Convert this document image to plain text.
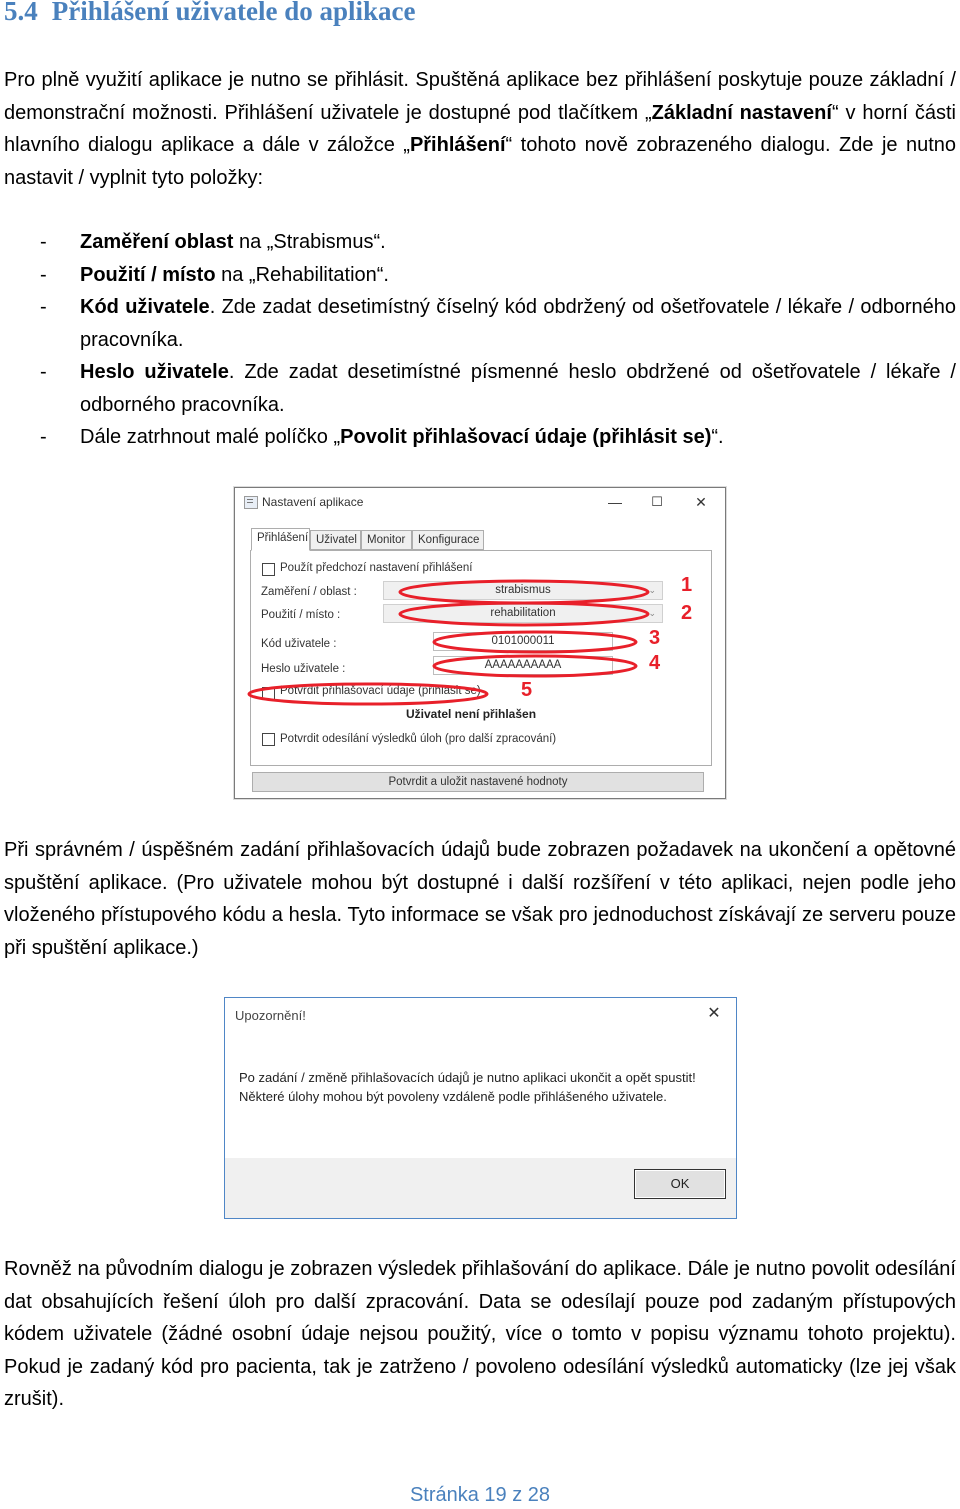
5.4 Přihlášení uživatele do aplikace

Pro plně využití aplikace je nutno se přihlásit. Spuštěná aplikace bez přihlášení poskytuje pouze základní / demonstrační možnosti. Přihlášení uživatele je dostupné pod tlačítkem „Základní nastavení“ v horní části hlavního dialogu aplikace a dále v záložce „Přihlášení“ tohoto nově zobrazeného dialogu. Zde je nutno nastavit / vyplnit tyto položky:

- Zaměření oblast na „Strabismus“.
- Použití / místo na „Rehabilitation“.
- Kód uživatele. Zde zadat desetimístný číselný kód obdržený od ošetřovatele / lékaře / odborného pracovníka.
- Heslo uživatele. Zde zadat desetimístné písmenné heslo obdržené od ošetřovatele / lékaře / odborného pracovníka.
- Dále zatrhnout malé políčko „Povolit přihlašovací údaje (přihlásit se)“.
Nastavení aplikace	—	☐	✕
Přihlášení Uživatel Monitor	Konfigurace
Použít předchozí nastavení přihlášení
Zaměření / oblast :	strabismus	⌄
Použití / místo :	rehabilitation	⌄
Kód uživatele :	0101000011
Heslo uživatele :	AAAAAAAAAA
Potvrdit přihlašovací údaje (přihlásit se)
Uživatel není přihlašen
Potvrdit odesílání výsledků úloh (pro další zpracování)
Potvrdit a uložit nastavené hodnoty
1
2
3
4
5

Při správném / úspěšném zadání přihlašovacích údajů bude zobrazen požadavek na ukončení a opětovné spuštění aplikace. (Pro uživatele mohou být dostupné i další rozšíření v této aplikaci, nejen podle jeho vloženého přístupového kódu a hesla. Tyto informace se však pro jednoduchost získávají ze serveru pouze při spuštění aplikace.)

Upozornění!	✕
Po zadání / změně přihlašovacích údajů je nutno aplikaci ukončit a opět spustit! Některé úlohy mohou být povoleny vzdáleně podle přihlášeného uživatele.
OK

Rovněž na původním dialogu je zobrazen výsledek přihlašování do aplikace. Dále je nutno povolit odesílání dat obsahujících řešení úloh pro další zpracování. Data se odesílají pouze pod zadaným přístupových kódem uživatele (žádné osobní údaje nejsou použitý, více o tomto v popisu významu tohoto projektu). Pokud je zadaný kód pro pacienta, tak je zatrženo / povoleno odesílání výsledků automaticky (lze jej však zrušit).

Stránka 19 z 28
